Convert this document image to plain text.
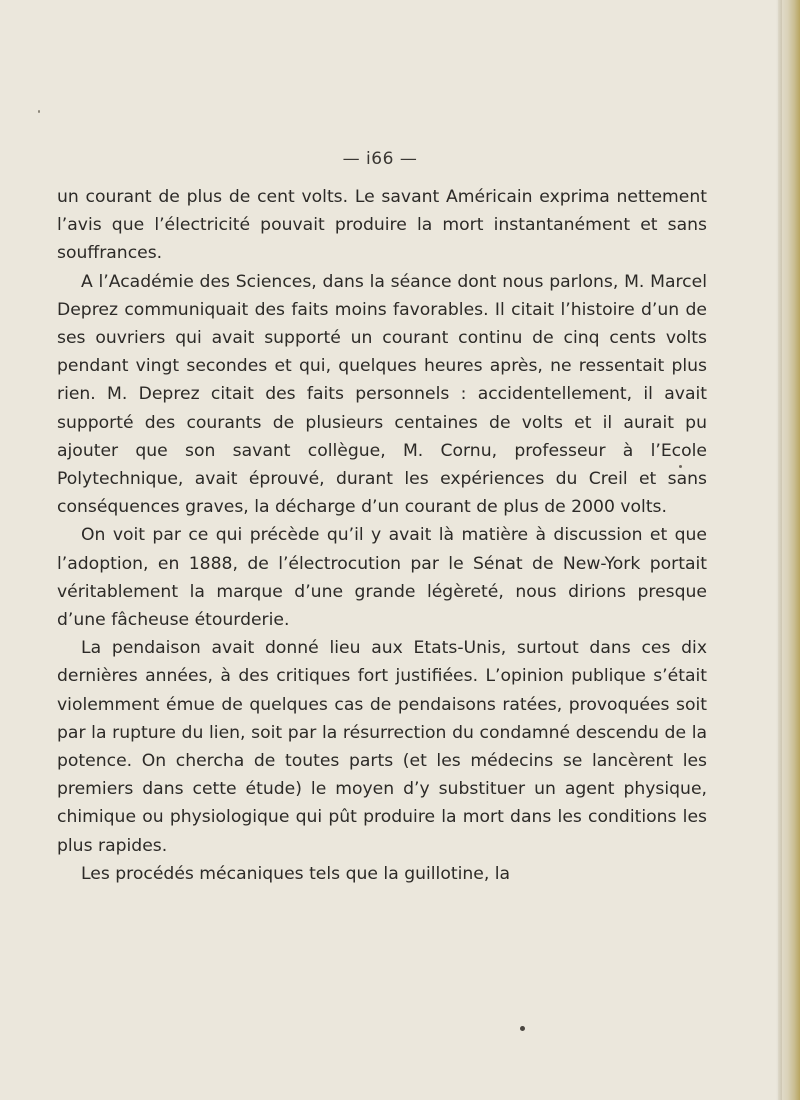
— i66 —

un courant de plus de cent volts. Le savant Américain exprima nettement l’avis que l’électricité pouvait produire la mort instantanément et sans souffrances.

A l’Académie des Sciences, dans la séance dont nous parlons, M. Marcel Deprez communiquait des faits moins favorables. Il citait l’histoire d’un de ses ouvriers qui avait supporté un courant continu de cinq cents volts pendant vingt secondes et qui, quelques heures après, ne ressentait plus rien. M. Deprez citait des faits personnels : accidentellement, il avait supporté des courants de plusieurs centaines de volts et il aurait pu ajouter que son savant collègue, M. Cornu, professeur à l’Ecole Polytechnique, avait éprouvé, durant les expériences du Creil et sans conséquences graves, la décharge d’un courant de plus de 2000 volts.

On voit par ce qui précède qu’il y avait là matière à discussion et que l’adoption, en 1888, de l’électrocution par le Sénat de New-York portait véritablement la marque d’une grande légèreté, nous dirions presque d’une fâcheuse étourderie.

La pendaison avait donné lieu aux Etats-Unis, surtout dans ces dix dernières années, à des critiques fort justifiées. L’opinion publique s’était violemment émue de quelques cas de pendaisons ratées, provoquées soit par la rupture du lien, soit par la résurrection du condamné descendu de la potence. On chercha de toutes parts (et les médecins se lancèrent les premiers dans cette étude) le moyen d’y substituer un agent physique, chimique ou physiologique qui pût produire la mort dans les conditions les plus rapides.

Les procédés mécaniques tels que la guillotine, la
